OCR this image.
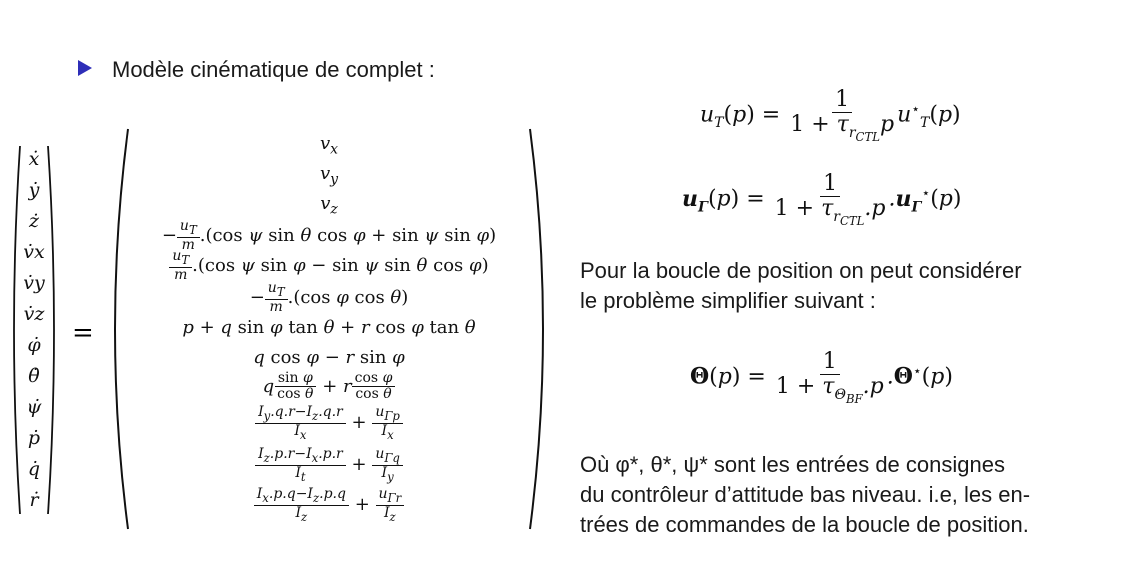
Modèle cinématique de complet :
ẋ
ẏ
ż
v̇x
v̇y
v̇z
φ̇
θ̇
ψ̇
ṗ
q̇
ṙ
=
$v_x$
$v_y$
$v_z$
− $\frac{u_T}{m} .(\cos$ ψ sin θ cos φ + sin ψ sin φ)
$\frac{u_T}{m} .(\cos$ ψ sin φ − sin ψ sin θ cos φ)
− $\frac{u_T}{m} .(\cos$ φ cos θ)
p + q sin φ tan θ + r cos φ tan θ
q cos φ − r sin φ
q $\frac{\text{sin φ}}{\text{cos θ}} + r \frac{\text{cos φ}}{\text{cos θ}}$
$\frac{I_y.q.r-I_z.q.r}{I_x} + \frac{u_{\Gamma p}}{I_x}$
$\frac{I_z.p.r-I_x.p.r}{I_t} + \frac{u_{\Gamma q}}{I_y}$
$\frac{I_x.p.q-I_z.p.q}{I_z} + \frac{u_{\Gamma r}}{I_z}$
$u_T(p) = \frac{1}{1 + \tau_{r_{CTL}}p} u^⋆_T(p)$
$u_\Gamma(p) = \frac{1}{1 + \tau_{r_{CTL}}.p} .u_\Gamma^⋆(p)$
Pour la boucle de position on peut considérer
le problème simplifier suivant :
$\Theta(p) = \frac{1}{1 + \tau_{\Theta_{BF}}.p} .\Theta^⋆(p)$
Où φ*, θ*, ψ* sont les entrées de consignes
du contrôleur d’attitude bas niveau. i.e, les en-
trées de commandes de la boucle de position.
